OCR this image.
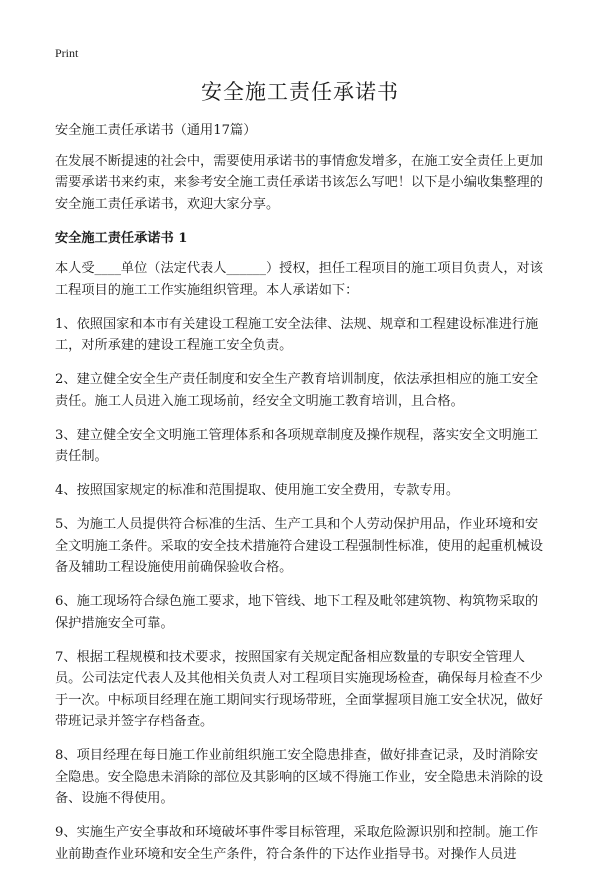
Print
安全施工责任承诺书

安全施工责任承诺书（通用17篇）

在发展不断提速的社会中，需要使用承诺书的事情愈发增多，在施工安全责任上更加需要承诺书来约束，来参考安全施工责任承诺书该怎么写吧！以下是小编收集整理的安全施工责任承诺书，欢迎大家分享。

安全施工责任承诺书 1

本人受____单位（法定代表人______）授权，担任工程项目的施工项目负责人，对该工程项目的施工工作实施组织管理。本人承诺如下：

1、依照国家和本市有关建设工程施工安全法律、法规、规章和工程建设标准进行施工，对所承建的建设工程施工安全负责。

2、建立健全安全生产责任制度和安全生产教育培训制度，依法承担相应的施工安全责任。施工人员进入施工现场前，经安全文明施工教育培训，且合格。

3、建立健全安全文明施工管理体系和各项规章制度及操作规程，落实安全文明施工责任制。

4、按照国家规定的标准和范围提取、使用施工安全费用，专款专用。

5、为施工人员提供符合标准的生活、生产工具和个人劳动保护用品，作业环境和安全文明施工条件。采取的安全技术措施符合建设工程强制性标准，使用的起重机械设备及辅助工程设施使用前确保验收合格。

6、施工现场符合绿色施工要求，地下管线、地下工程及毗邻建筑物、构筑物采取的保护措施安全可靠。

7、根据工程规模和技术要求，按照国家有关规定配备相应数量的专职安全管理人员。公司法定代表人及其他相关负责人对工程项目实施现场检查，确保每月检查不少于一次。中标项目经理在施工期间实行现场带班，全面掌握项目施工安全状况，做好带班记录并签字存档备查。

8、项目经理在每日施工作业前组织施工安全隐患排查，做好排查记录，及时消除安全隐患。安全隐患未消除的部位及其影响的区域不得施工作业，安全隐患未消除的设备、设施不得使用。

9、实施生产安全事故和环境破坏事件零目标管理，采取危险源识别和控制。施工作业前勘查作业环境和安全生产条件，符合条件的下达作业指导书。对操作人员进
